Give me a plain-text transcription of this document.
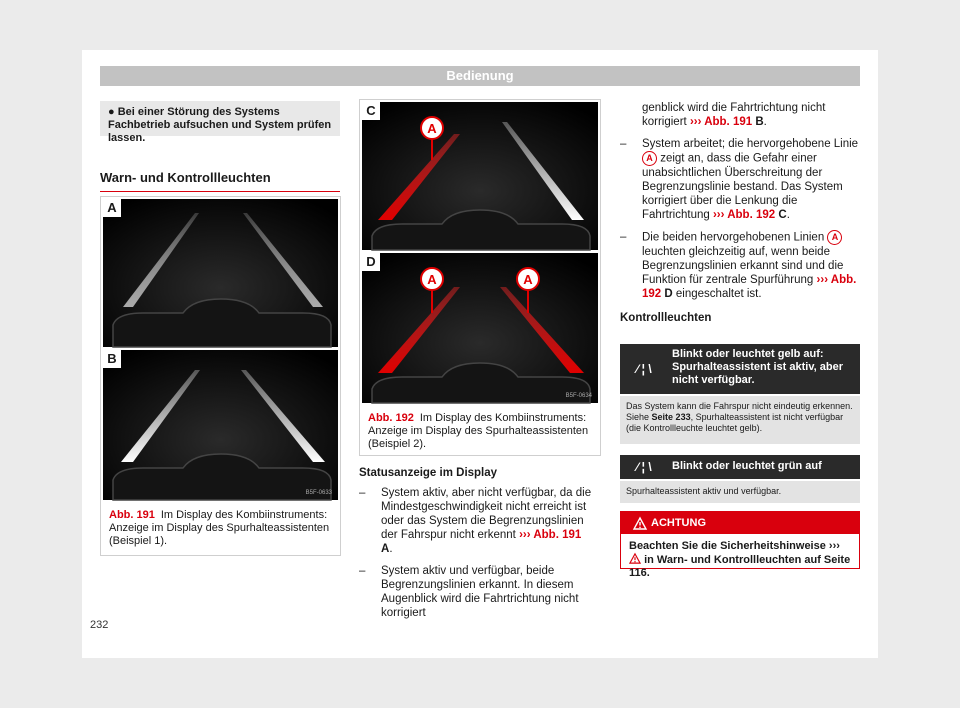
Bedienung
● Bei einer Störung des Systems Fachbetrieb aufsuchen und System prüfen lassen.
Warn- und Kontrollleuchten
A
B
B5F-0633
Abb. 191 Im Display des Kombiinstruments: Anzeige im Display des Spurhalteassistenten (Beispiel 1).
A
C
A	A
D
B5F-0634
Abb. 192 Im Display des Kombiinstruments: Anzeige im Display des Spurhalteassistenten (Beispiel 2).
Statusanzeige im Display
– System aktiv, aber nicht verfügbar, da die Mindestgeschwindigkeit nicht erreicht ist oder das System die Begrenzungslinien der Fahrspur nicht erkennt ››› Abb. 191 A.
– System aktiv und verfügbar, beide Begrenzungslinien erkannt. In diesem Augenblick wird die Fahrtrichtung nicht korrigiert
genblick wird die Fahrtrichtung nicht korrigiert ››› Abb. 191 B.
– System arbeitet; die hervorgehobene Linie A zeigt an, dass die Gefahr einer unabsichtlichen Überschreitung der Begrenzungslinie bestand. Das System korrigiert über die Lenkung die Fahrtrichtung ››› Abb. 192 C.
– Die beiden hervorgehobenen Linien A leuchten gleichzeitig auf, wenn beide Begrenzungslinien erkannt sind und die Funktion für zentrale Spurführung ››› Abb. 192 D eingeschaltet ist.
Kontrollleuchten
⁄ ¦ \
Blinkt oder leuchtet gelb auf: Spurhalteassistent ist aktiv, aber nicht verfügbar.
Das System kann die Fahrspur nicht eindeutig erkennen. Siehe Seite 233, Spurhalteassistent ist nicht verfügbar (die Kontrollleuchte leuchtet gelb).
⁄ ¦ \	Blinkt oder leuchtet grün auf
Spurhalteassistent aktiv und verfügbar.
ACHTUNG
Beachten Sie die Sicherheitshinweise ›››  in Warn- und Kontrollleuchten auf Seite 116.
232
